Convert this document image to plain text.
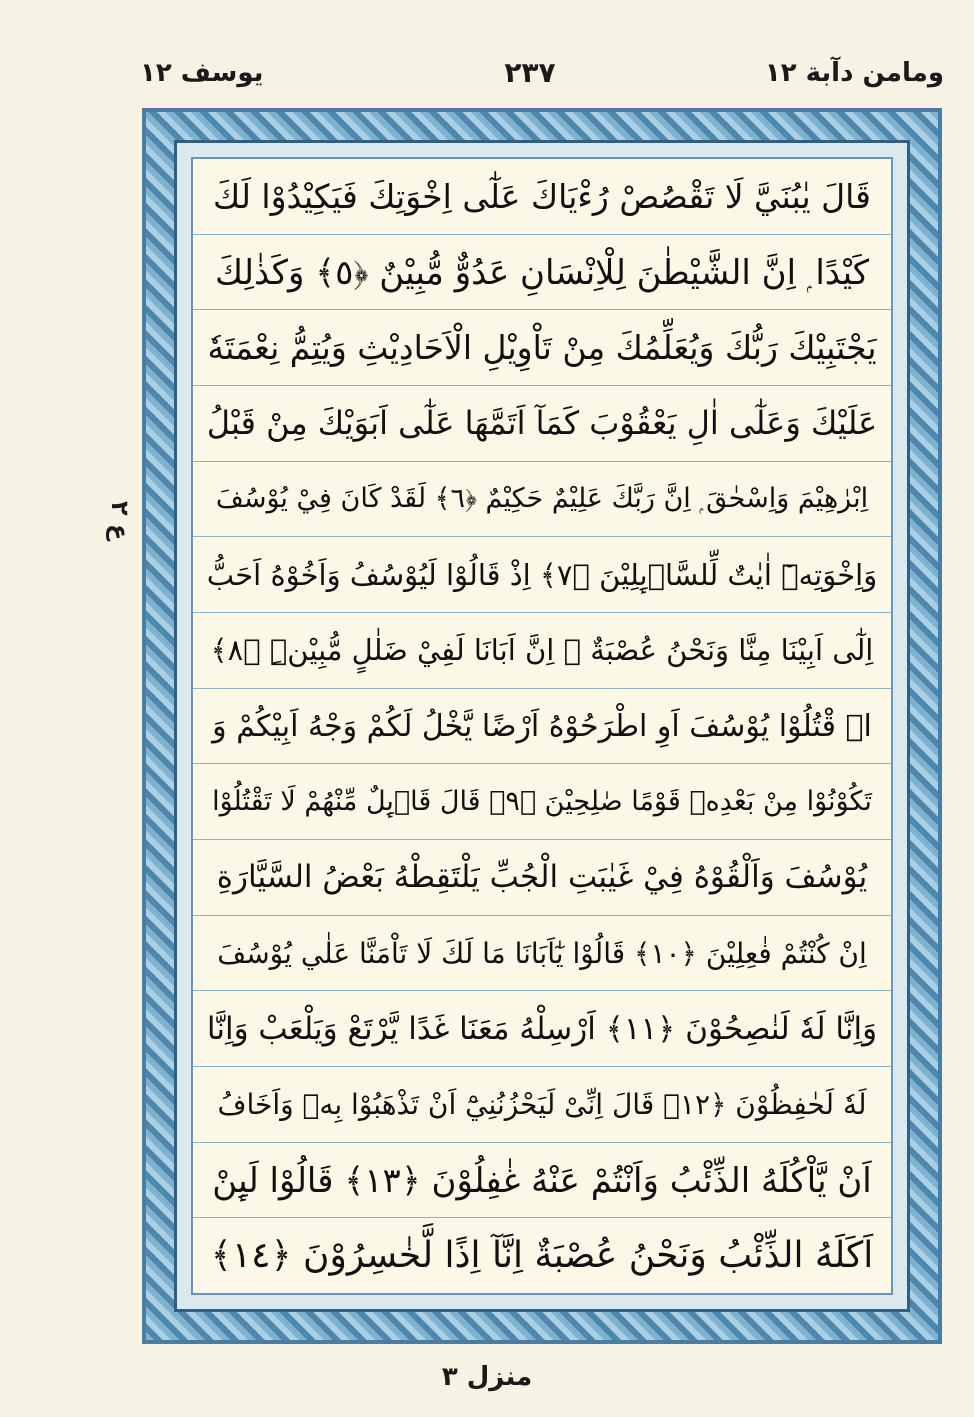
يوسف ١٢	٢٣٧	ومامن دآبة ١٢
ع ٢
قَالَ يٰبُنَيَّ لَا تَقْصُصْ رُءْيَاكَ عَلٰٓى اِخْوَتِكَ فَيَكِيْدُوْا لَكَ
كَيْدًا ۭ اِنَّ الشَّيْطٰنَ لِلْاِنْسَانِ عَدُوٌّ مُّبِيْنٌ ﴿٥﴾ وَكَذٰلِكَ
يَجْتَبِيْكَ رَبُّكَ وَيُعَلِّمُكَ مِنْ تَاْوِيْلِ الْاَحَادِيْثِ وَيُتِمُّ نِعْمَتَهٗ
عَلَيْكَ وَعَلٰٓى اٰلِ يَعْقُوْبَ كَمَآ اَتَمَّهَا عَلٰٓى اَبَوَيْكَ مِنْ قَبْلُ
اِبْرٰهِيْمَ وَاِسْحٰقَ ۭ اِنَّ رَبَّكَ عَلِيْمٌ حَكِيْمٌ ﴿٦﴾ لَقَدْ كَانَ فِيْ يُوْسُفَ
وَاِخْوَتِهٖٓ اٰيٰتٌ لِّلسَّاۗىِٕلِيْنَ ﴿٧﴾ اِذْ قَالُوْا لَيُوْسُفُ وَاَخُوْهُ اَحَبُّ
اِلٰٓى اَبِيْنَا مِنَّا وَنَحْنُ عُصْبَةٌ ۭ اِنَّ اَبَانَا لَفِيْ ضَلٰلٍ مُّبِيْنِۨ ﴿٨﴾
اۨ قْتُلُوْا يُوْسُفَ اَوِ اطْرَحُوْهُ اَرْضًا يَّخْلُ لَكُمْ وَجْهُ اَبِيْكُمْ وَ
تَكُوْنُوْا مِنْ بَعْدِهٖ قَوْمًا صٰلِحِيْنَ ﴿٩﴾ قَالَ قَاۗىِٕلٌ مِّنْهُمْ لَا تَقْتُلُوْا
يُوْسُفَ وَاَلْقُوْهُ فِيْ غَيٰبَتِ الْجُبِّ يَلْتَقِطْهُ بَعْضُ السَّيَّارَةِ
اِنْ كُنْتُمْ فٰعِلِيْنَ ﴿١٠﴾ قَالُوْا يٰٓاَبَانَا مَا لَكَ لَا تَاْمَنَّا عَلٰي يُوْسُفَ
وَاِنَّا لَهٗ لَنٰصِحُوْنَ ﴿١١﴾ اَرْسِلْهُ مَعَنَا غَدًا يَّرْتَعْ وَيَلْعَبْ وَاِنَّا
لَهٗ لَحٰفِظُوْنَ ﴿١٢﴾ قَالَ اِنِّىْ لَيَحْزُنُنِيْٓ اَنْ تَذْهَبُوْا بِهٖ وَاَخَافُ
اَنْ يَّاْكُلَهُ الذِّئْبُ وَاَنْتُمْ عَنْهُ غٰفِلُوْنَ ﴿١٣﴾ قَالُوْا لَىِٕنْ
اَكَلَهُ الذِّئْبُ وَنَحْنُ عُصْبَةٌ اِنَّآ اِذًا لَّخٰسِرُوْنَ ﴿١٤﴾
منزل ٣
